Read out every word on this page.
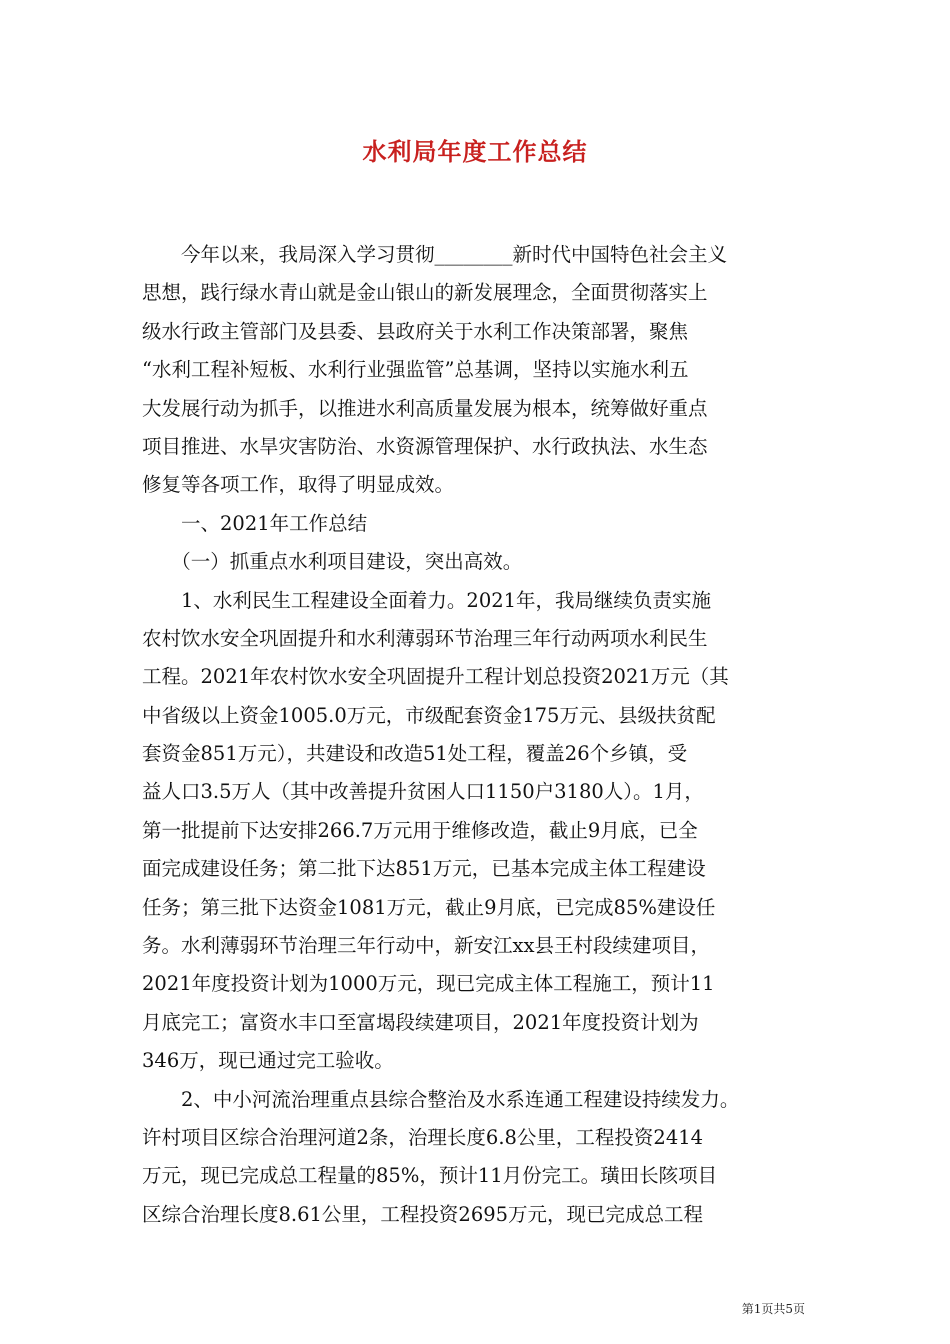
水利局年度工作总结
　　今年以来，我局深入学习贯彻________新时代中国特色社会主义
思想，践行绿水青山就是金山银山的新发展理念，全面贯彻落实上
级水行政主管部门及县委、县政府关于水利工作决策部署，聚焦
“水利工程补短板、水利行业强监管”总基调，坚持以实施水利五
大发展行动为抓手，以推进水利高质量发展为根本，统筹做好重点
项目推进、水旱灾害防治、水资源管理保护、水行政执法、水生态
修复等各项工作，取得了明显成效。
　　一、2021年工作总结
　　（一）抓重点水利项目建设，突出高效。
　　1、水利民生工程建设全面着力。2021年，我局继续负责实施
农村饮水安全巩固提升和水利薄弱环节治理三年行动两项水利民生
工程。2021年农村饮水安全巩固提升工程计划总投资2021万元（其
中省级以上资金1005.0万元，市级配套资金175万元、县级扶贫配
套资金851万元），共建设和改造51处工程，覆盖26个乡镇，受
益人口3.5万人（其中改善提升贫困人口1150户3180人）。1月，
第一批提前下达安排266.7万元用于维修改造，截止9月底，已全
面完成建设任务；第二批下达851万元，已基本完成主体工程建设
任务；第三批下达资金1081万元，截止9月底，已完成85%建设任
务。水利薄弱环节治理三年行动中，新安江xx县王村段续建项目，
2021年度投资计划为1000万元，现已完成主体工程施工，预计11
月底完工；富资水丰口至富堨段续建项目，2021年度投资计划为
346万，现已通过完工验收。
　　2、中小河流治理重点县综合整治及水系连通工程建设持续发力。
许村项目区综合治理河道2条，治理长度6.8公里，工程投资2414
万元，现已完成总工程量的85%，预计11月份完工。璜田长陔项目
区综合治理长度8.61公里，工程投资2695万元，现已完成总工程
第1页共5页
